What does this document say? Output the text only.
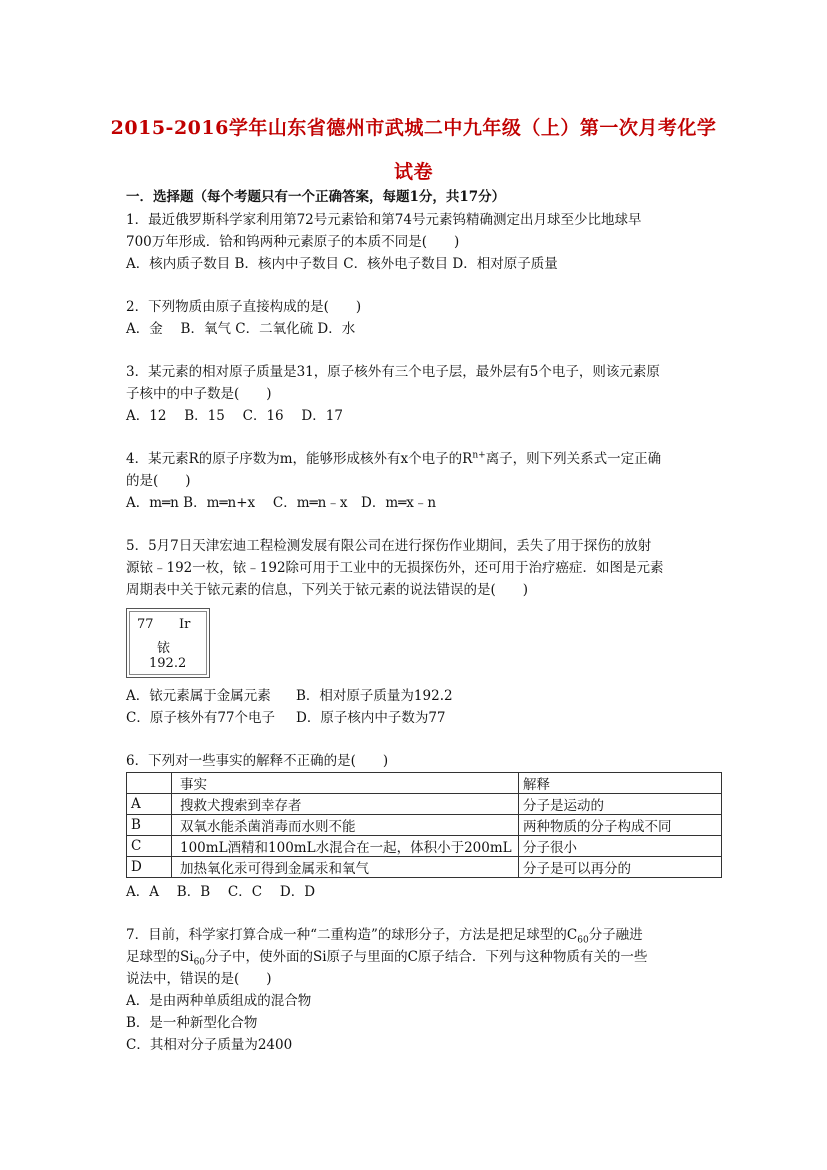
2015-2016学年山东省德州市武城二中九年级（上）第一次月考化学
试卷
一．选择题（每个考题只有一个正确答案，每题1分，共17分）
1．最近俄罗斯科学家利用第72号元素铪和第74号元素钨精确测定出月球至少比地球早
700万年形成．铪和钨两种元素原子的本质不同是(　　)
A．核内质子数目 B．核内中子数目 C．核外电子数目 D．相对原子质量
2．下列物质由原子直接构成的是(　　)
A．金　 B．氧气 C．二氧化硫 D．水
3．某元素的相对原子质量是31，原子核外有三个电子层，最外层有5个电子，则该元素原
子核中的中子数是(　　)
A．12　 B．15　 C．16　 D．17
4．某元素R的原子序数为m，能够形成核外有x个电子的$R^{n+}$离子，则下列关系式一定正确
的是(　　)
A．m═n B．m═n+x　 C．m═n﹣x　D．m═x﹣n
5．5月7日天津宏迪工程检测发展有限公司在进行探伤作业期间，丢失了用于探伤的放射
源铱﹣192一枚，铱﹣192除可用于工业中的无损探伤外，还可用于治疗癌症．如图是元素
周期表中关于铱元素的信息，下列关于铱元素的说法错误的是(　　)
77 Ir
铱
192.2
A．铱元素属于金属元素 B．相对原子质量为192.2
C．原子核外有77个电子 D．原子核内中子数为77
6．下列对一些事实的解释不正确的是(　　)
	事实	解释
A	搜救犬搜索到幸存者	分子是运动的
B	双氧水能杀菌消毒而水则不能	两种物质的分子构成不同
C	100mL酒精和100mL水混合在一起，体积小于200mL	分子很小
D	加热氧化汞可得到金属汞和氧气	分子是可以再分的
A．A　 B．B　 C．C　 D．D
7．目前，科学家打算合成一种“二重构造”的球形分子，方法是把足球型的$C_{60}$分子融进
足球型的$Si_{60}$分子中，使外面的Si原子与里面的C原子结合．下列与这种物质有关的一些
说法中，错误的是(　　)
A．是由两种单质组成的混合物
B．是一种新型化合物
C．其相对分子质量为2400
